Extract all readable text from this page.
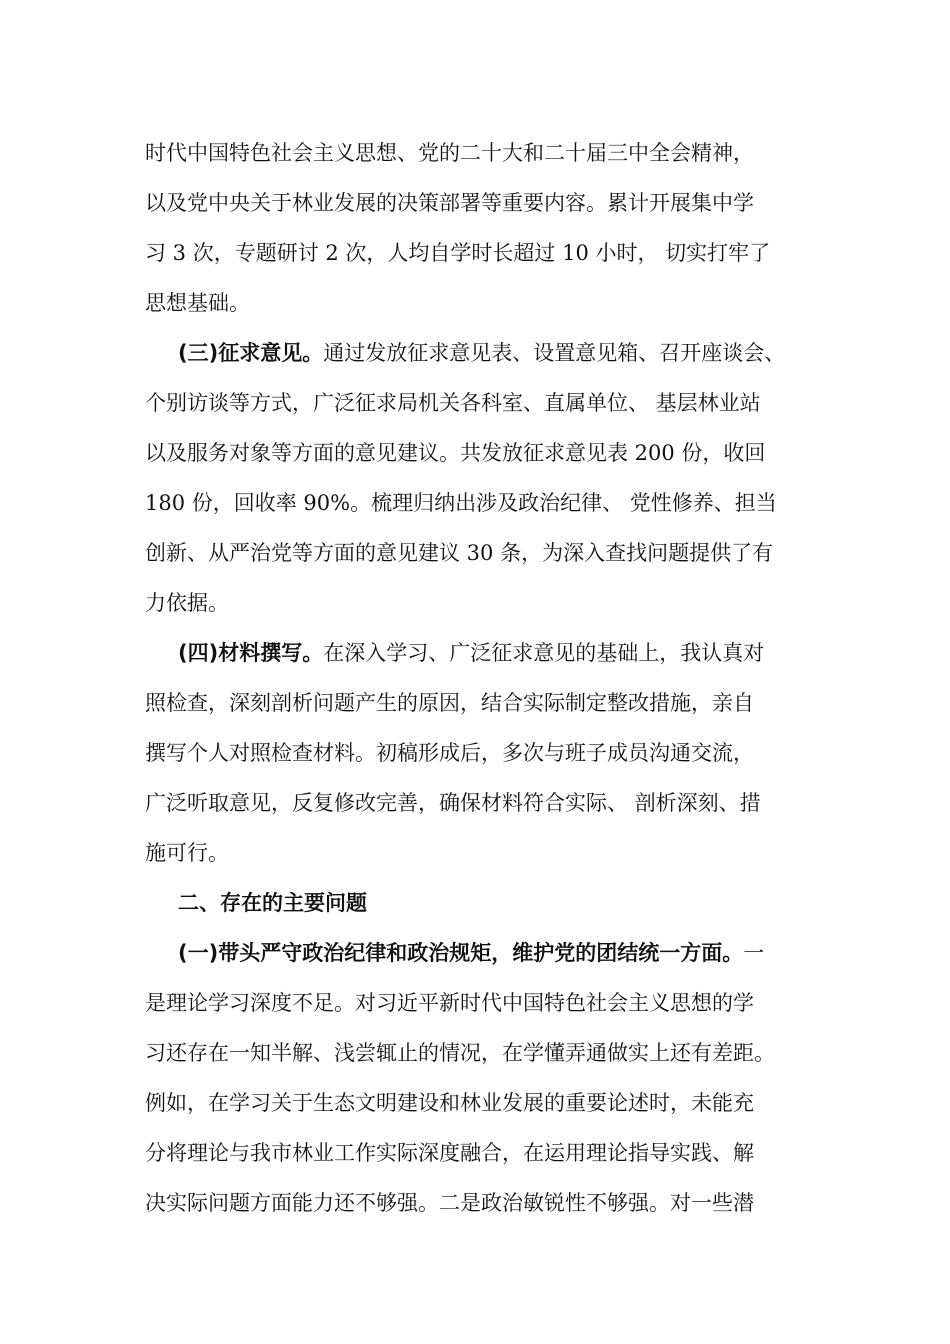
时代中国特色社会主义思想、党的二十大和二十届三中全会精神，
以及党中央关于林业发展的决策部署等重要内容。累计开展集中学
习 3 次，专题研讨 2 次，人均自学时长超过 10 小时， 切实打牢了
思想基础。
(三)征求意见。通过发放征求意见表、设置意见箱、召开座谈会、
个别访谈等方式，广泛征求局机关各科室、直属单位、 基层林业站
以及服务对象等方面的意见建议。共发放征求意见表 200 份，收回
180 份，回收率 90%。梳理归纳出涉及政治纪律、 党性修养、担当
创新、从严治党等方面的意见建议 30 条，为深入查找问题提供了有
力依据。
(四)材料撰写。在深入学习、广泛征求意见的基础上，我认真对
照检查，深刻剖析问题产生的原因，结合实际制定整改措施，亲自
撰写个人对照检查材料。初稿形成后，多次与班子成员沟通交流，
广泛听取意见，反复修改完善，确保材料符合实际、 剖析深刻、措
施可行。
二、存在的主要问题
(一)带头严守政治纪律和政治规矩，维护党的团结统一方面。一
是理论学习深度不足。对习近平新时代中国特色社会主义思想的学
习还存在一知半解、浅尝辄止的情况，在学懂弄通做实上还有差距。
例如，在学习关于生态文明建设和林业发展的重要论述时，未能充
分将理论与我市林业工作实际深度融合，在运用理论指导实践、解
决实际问题方面能力还不够强。二是政治敏锐性不够强。对一些潜
